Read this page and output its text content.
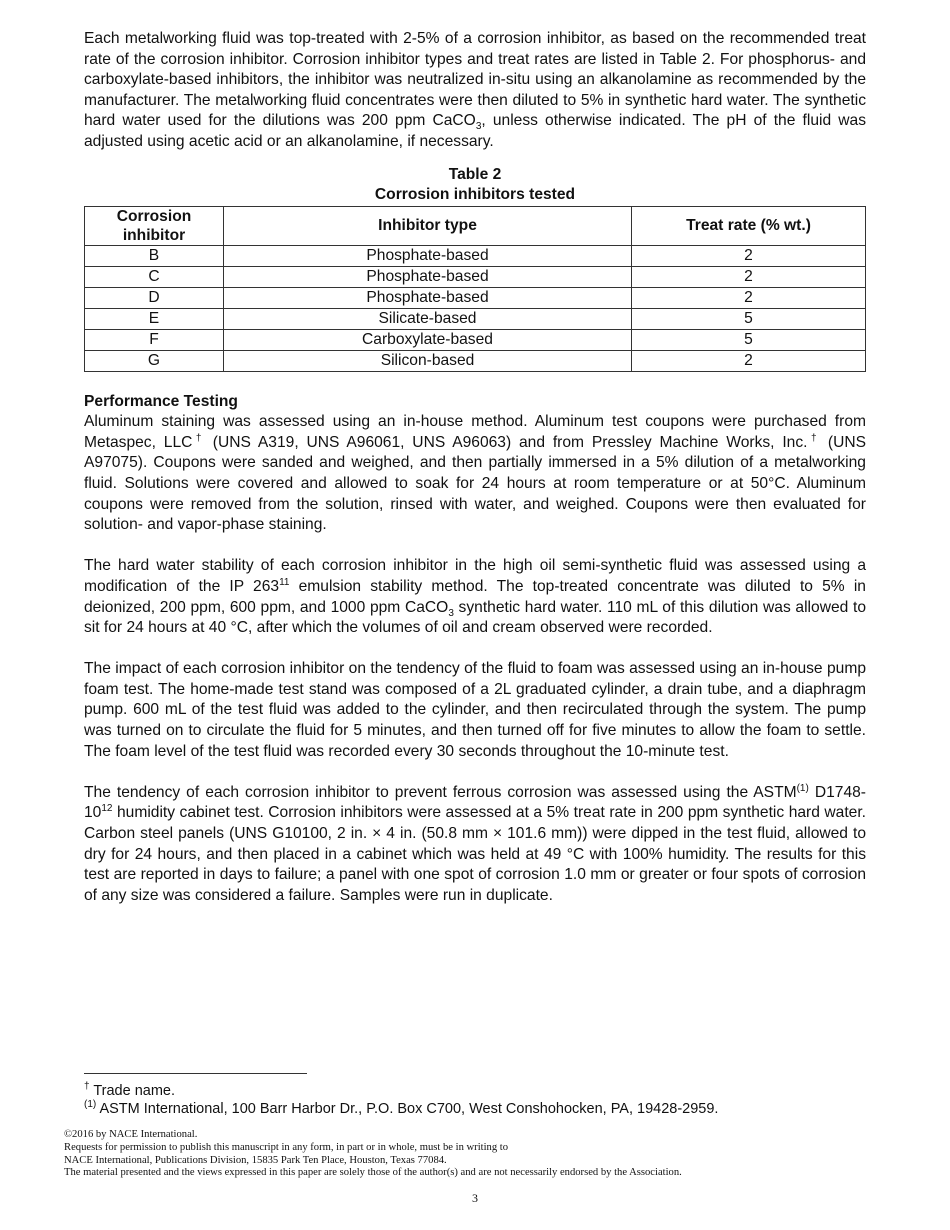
Each metalworking fluid was top-treated with 2-5% of a corrosion inhibitor, as based on the recommended treat rate of the corrosion inhibitor. Corrosion inhibitor types and treat rates are listed in Table 2. For phosphorus- and carboxylate-based inhibitors, the inhibitor was neutralized in-situ using an alkanolamine as recommended by the manufacturer. The metalworking fluid concentrates were then diluted to 5% in synthetic hard water. The synthetic hard water used for the dilutions was 200 ppm CaCO$_3$, unless otherwise indicated. The pH of the fluid was adjusted using acetic acid or an alkanolamine, if necessary.

Table 2
Corrosion inhibitors tested
Corrosion inhibitor	Inhibitor type	Treat rate (% wt.)
B	Phosphate-based	2
C	Phosphate-based	2
D	Phosphate-based	2
E	Silicate-based	5
F	Carboxylate-based	5
G	Silicon-based	2
Performance Testing

Aluminum staining was assessed using an in-house method. Aluminum test coupons were purchased from Metaspec, LLC† (UNS A319, UNS A96061, UNS A96063) and from Pressley Machine Works, Inc.† (UNS A97075). Coupons were sanded and weighed, and then partially immersed in a 5% dilution of a metalworking fluid. Solutions were covered and allowed to soak for 24 hours at room temperature or at 50°C. Aluminum coupons were removed from the solution, rinsed with water, and weighed. Coupons were then evaluated for solution- and vapor-phase staining.

The hard water stability of each corrosion inhibitor in the high oil semi-synthetic fluid was assessed using a modification of the IP $263^{11}$ emulsion stability method. The top-treated concentrate was diluted to 5% in deionized, 200 ppm, 600 ppm, and 1000 ppm CaCO$_3$ synthetic hard water. 110 mL of this dilution was allowed to sit for 24 hours at 40 °C, after which the volumes of oil and cream observed were recorded.

The impact of each corrosion inhibitor on the tendency of the fluid to foam was assessed using an in-house pump foam test. The home-made test stand was composed of a 2L graduated cylinder, a drain tube, and a diaphragm pump. 600 mL of the test fluid was added to the cylinder, and then recirculated through the system. The pump was turned on to circulate the fluid for 5 minutes, and then turned off for five minutes to allow the foam to settle. The foam level of the test fluid was recorded every 30 seconds throughout the 10-minute test.

The tendency of each corrosion inhibitor to prevent ferrous corrosion was assessed using the ASTM$^{(1)}$ $D1748-10^{12}$ humidity cabinet test. Corrosion inhibitors were assessed at a 5% treat rate in 200 ppm synthetic hard water. Carbon steel panels (UNS G10100, 2 in. × 4 in. (50.8 mm × 101.6 mm)) were dipped in the test fluid, allowed to dry for 24 hours, and then placed in a cabinet which was held at 49 °C with 100% humidity. The results for this test are reported in days to failure; a panel with one spot of corrosion 1.0 mm or greater or four spots of corrosion of any size was considered a failure. Samples were run in duplicate.

† Trade name.
$^{(1)}$ ASTM International, 100 Barr Harbor Dr., P.O. Box C700, West Conshohocken, PA, 19428-2959.
©2016 by NACE International.
Requests for permission to publish this manuscript in any form, in part or in whole, must be in writing to
NACE International, Publications Division, 15835 Park Ten Place, Houston, Texas 77084.
The material presented and the views expressed in this paper are solely those of the author(s) and are not necessarily endorsed by the Association.
3
